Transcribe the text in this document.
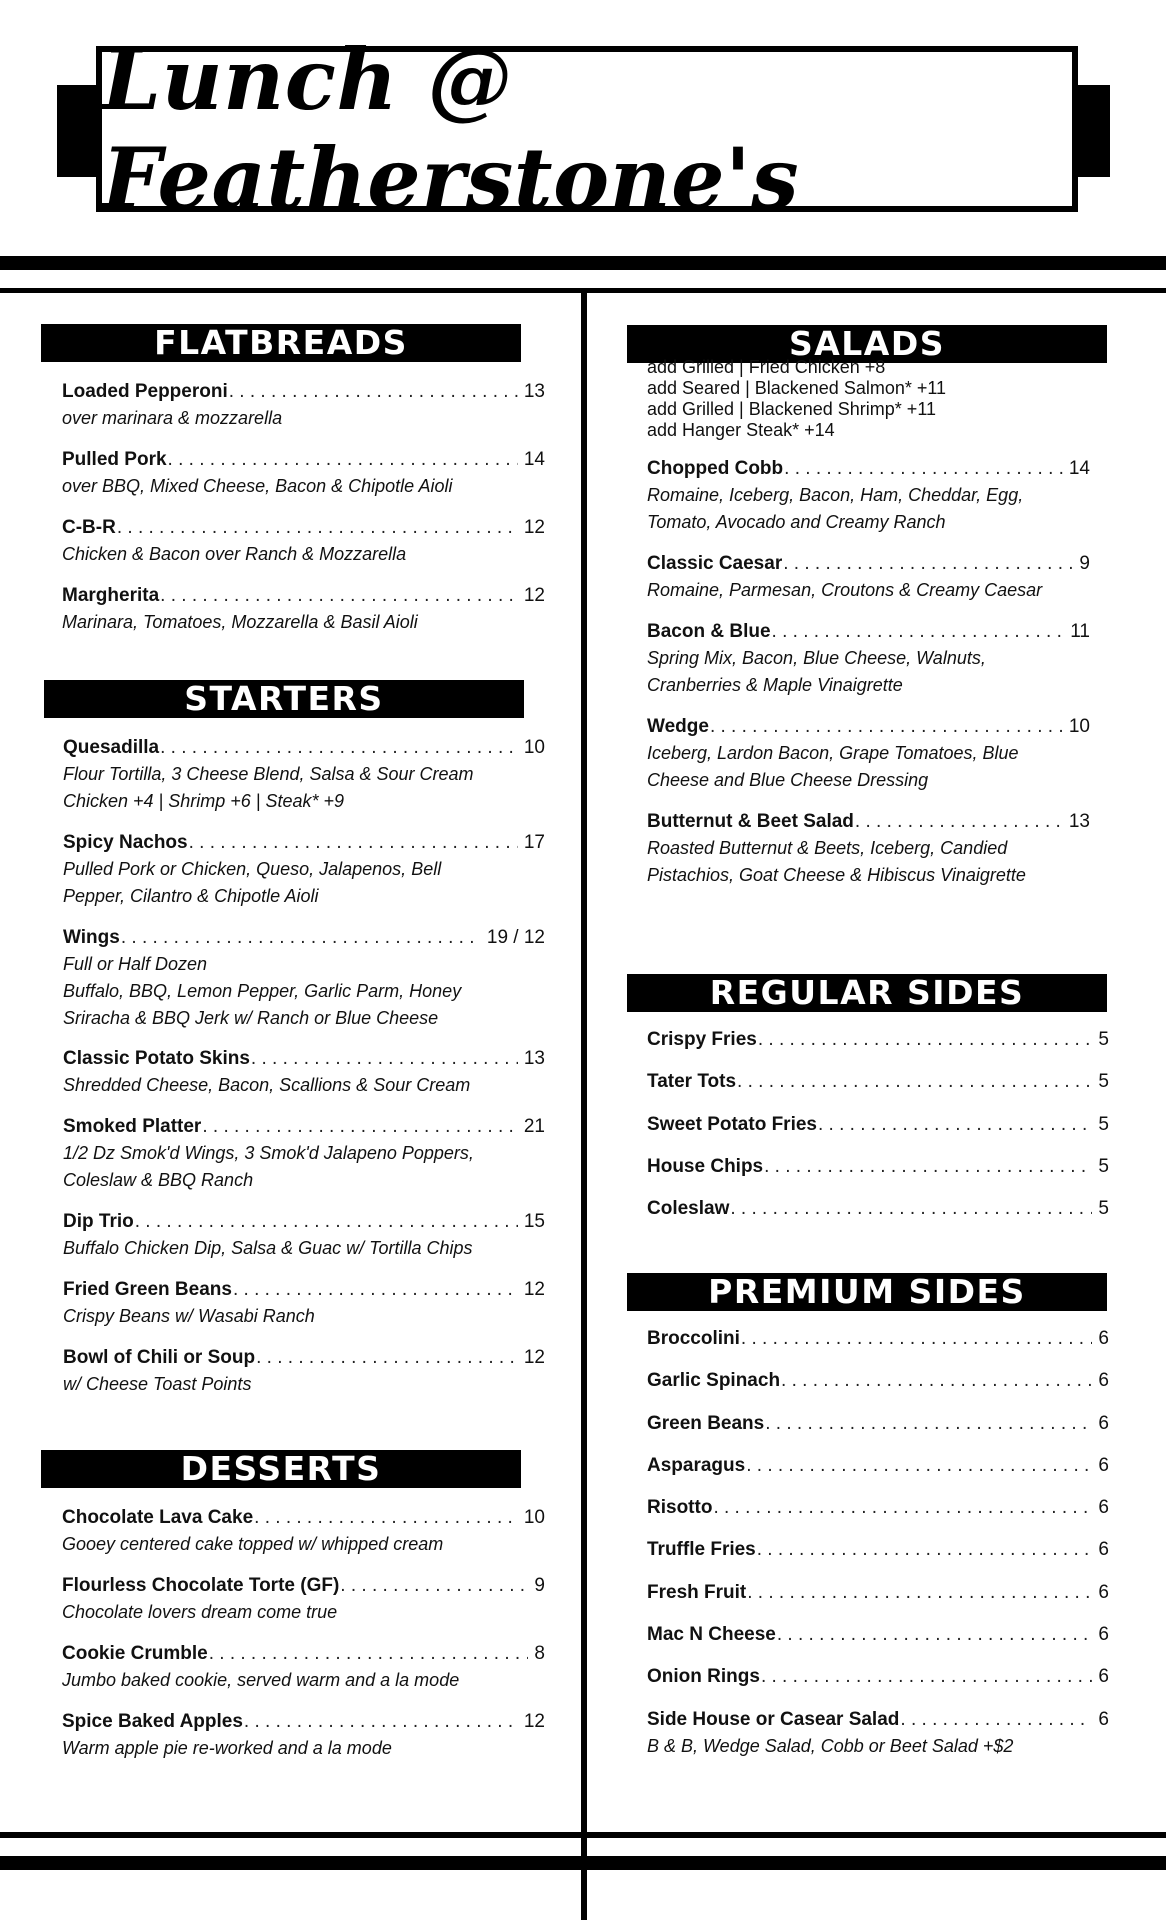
Lunch @ Featherstone's
FLATBREADS
Loaded Pepperoni . . .	13
over marinara & mozzarella
Pulled Pork . . .	14
over BBQ, Mixed Cheese, Bacon & Chipotle Aioli
C-B-R . . .	12
Chicken & Bacon over Ranch & Mozzarella
Margherita . . .	12
Marinara, Tomatoes, Mozzarella & Basil Aioli
STARTERS
Quesadilla . . .	10
Flour Tortilla, 3 Cheese Blend, Salsa & Sour Cream
Chicken +4 | Shrimp +6 | Steak* +9
Spicy Nachos . . .	17
Pulled Pork or Chicken, Queso, Jalapenos, Bell
Pepper, Cilantro & Chipotle Aioli
Wings . . .	19 / 12
Full or Half Dozen
Buffalo, BBQ, Lemon Pepper, Garlic Parm, Honey
Sriracha & BBQ Jerk w/ Ranch or Blue Cheese
Classic Potato Skins . . .	13
Shredded Cheese, Bacon, Scallions & Sour Cream
Smoked Platter . . .	21
1/2 Dz Smok'd Wings, 3 Smok'd Jalapeno Poppers,
Coleslaw & BBQ Ranch
Dip Trio . . .	15
Buffalo Chicken Dip, Salsa & Guac w/ Tortilla Chips
Fried Green Beans . . .	12
Crispy Beans w/ Wasabi Ranch
Bowl of Chili or Soup . . .	12
w/ Cheese Toast Points
DESSERTS
Chocolate Lava Cake . . .	10
Gooey centered cake topped w/ whipped cream
Flourless Chocolate Torte (GF) . . .	9
Chocolate lovers dream come true
Cookie Crumble . . .	8
Jumbo baked cookie, served warm and a la mode
Spice Baked Apples . . .	12
Warm apple pie re-worked and a la mode
SALADS
add Grilled | Fried Chicken +8
add Seared | Blackened Salmon* +11
add Grilled | Blackened Shrimp* +11
add Hanger Steak* +14
Chopped Cobb . . .	14
Romaine, Iceberg, Bacon, Ham, Cheddar, Egg,
Tomato, Avocado and Creamy Ranch
Classic Caesar . . .	9
Romaine, Parmesan, Croutons & Creamy Caesar
Bacon & Blue . . .	11
Spring Mix, Bacon, Blue Cheese, Walnuts,
Cranberries & Maple Vinaigrette
Wedge . . .	10
Iceberg, Lardon Bacon, Grape Tomatoes, Blue
Cheese and Blue Cheese Dressing
Butternut & Beet Salad . . .	13
Roasted Butternut & Beets, Iceberg, Candied
Pistachios, Goat Cheese & Hibiscus Vinaigrette
REGULAR SIDES
Crispy Fries . . .	5
Tater Tots . . .	5
Sweet Potato Fries . . .	5
House Chips . . .	5
Coleslaw . . .	5
PREMIUM SIDES
Broccolini . . .	6
Garlic Spinach . . .	6
Green Beans . . .	6
Asparagus . . .	6
Risotto . . .	6
Truffle Fries . . .	6
Fresh Fruit . . .	6
Mac N Cheese . . .	6
Onion Rings . . .	6
Side House or Casear Salad . . .	6
B & B, Wedge Salad, Cobb or Beet Salad +$2
